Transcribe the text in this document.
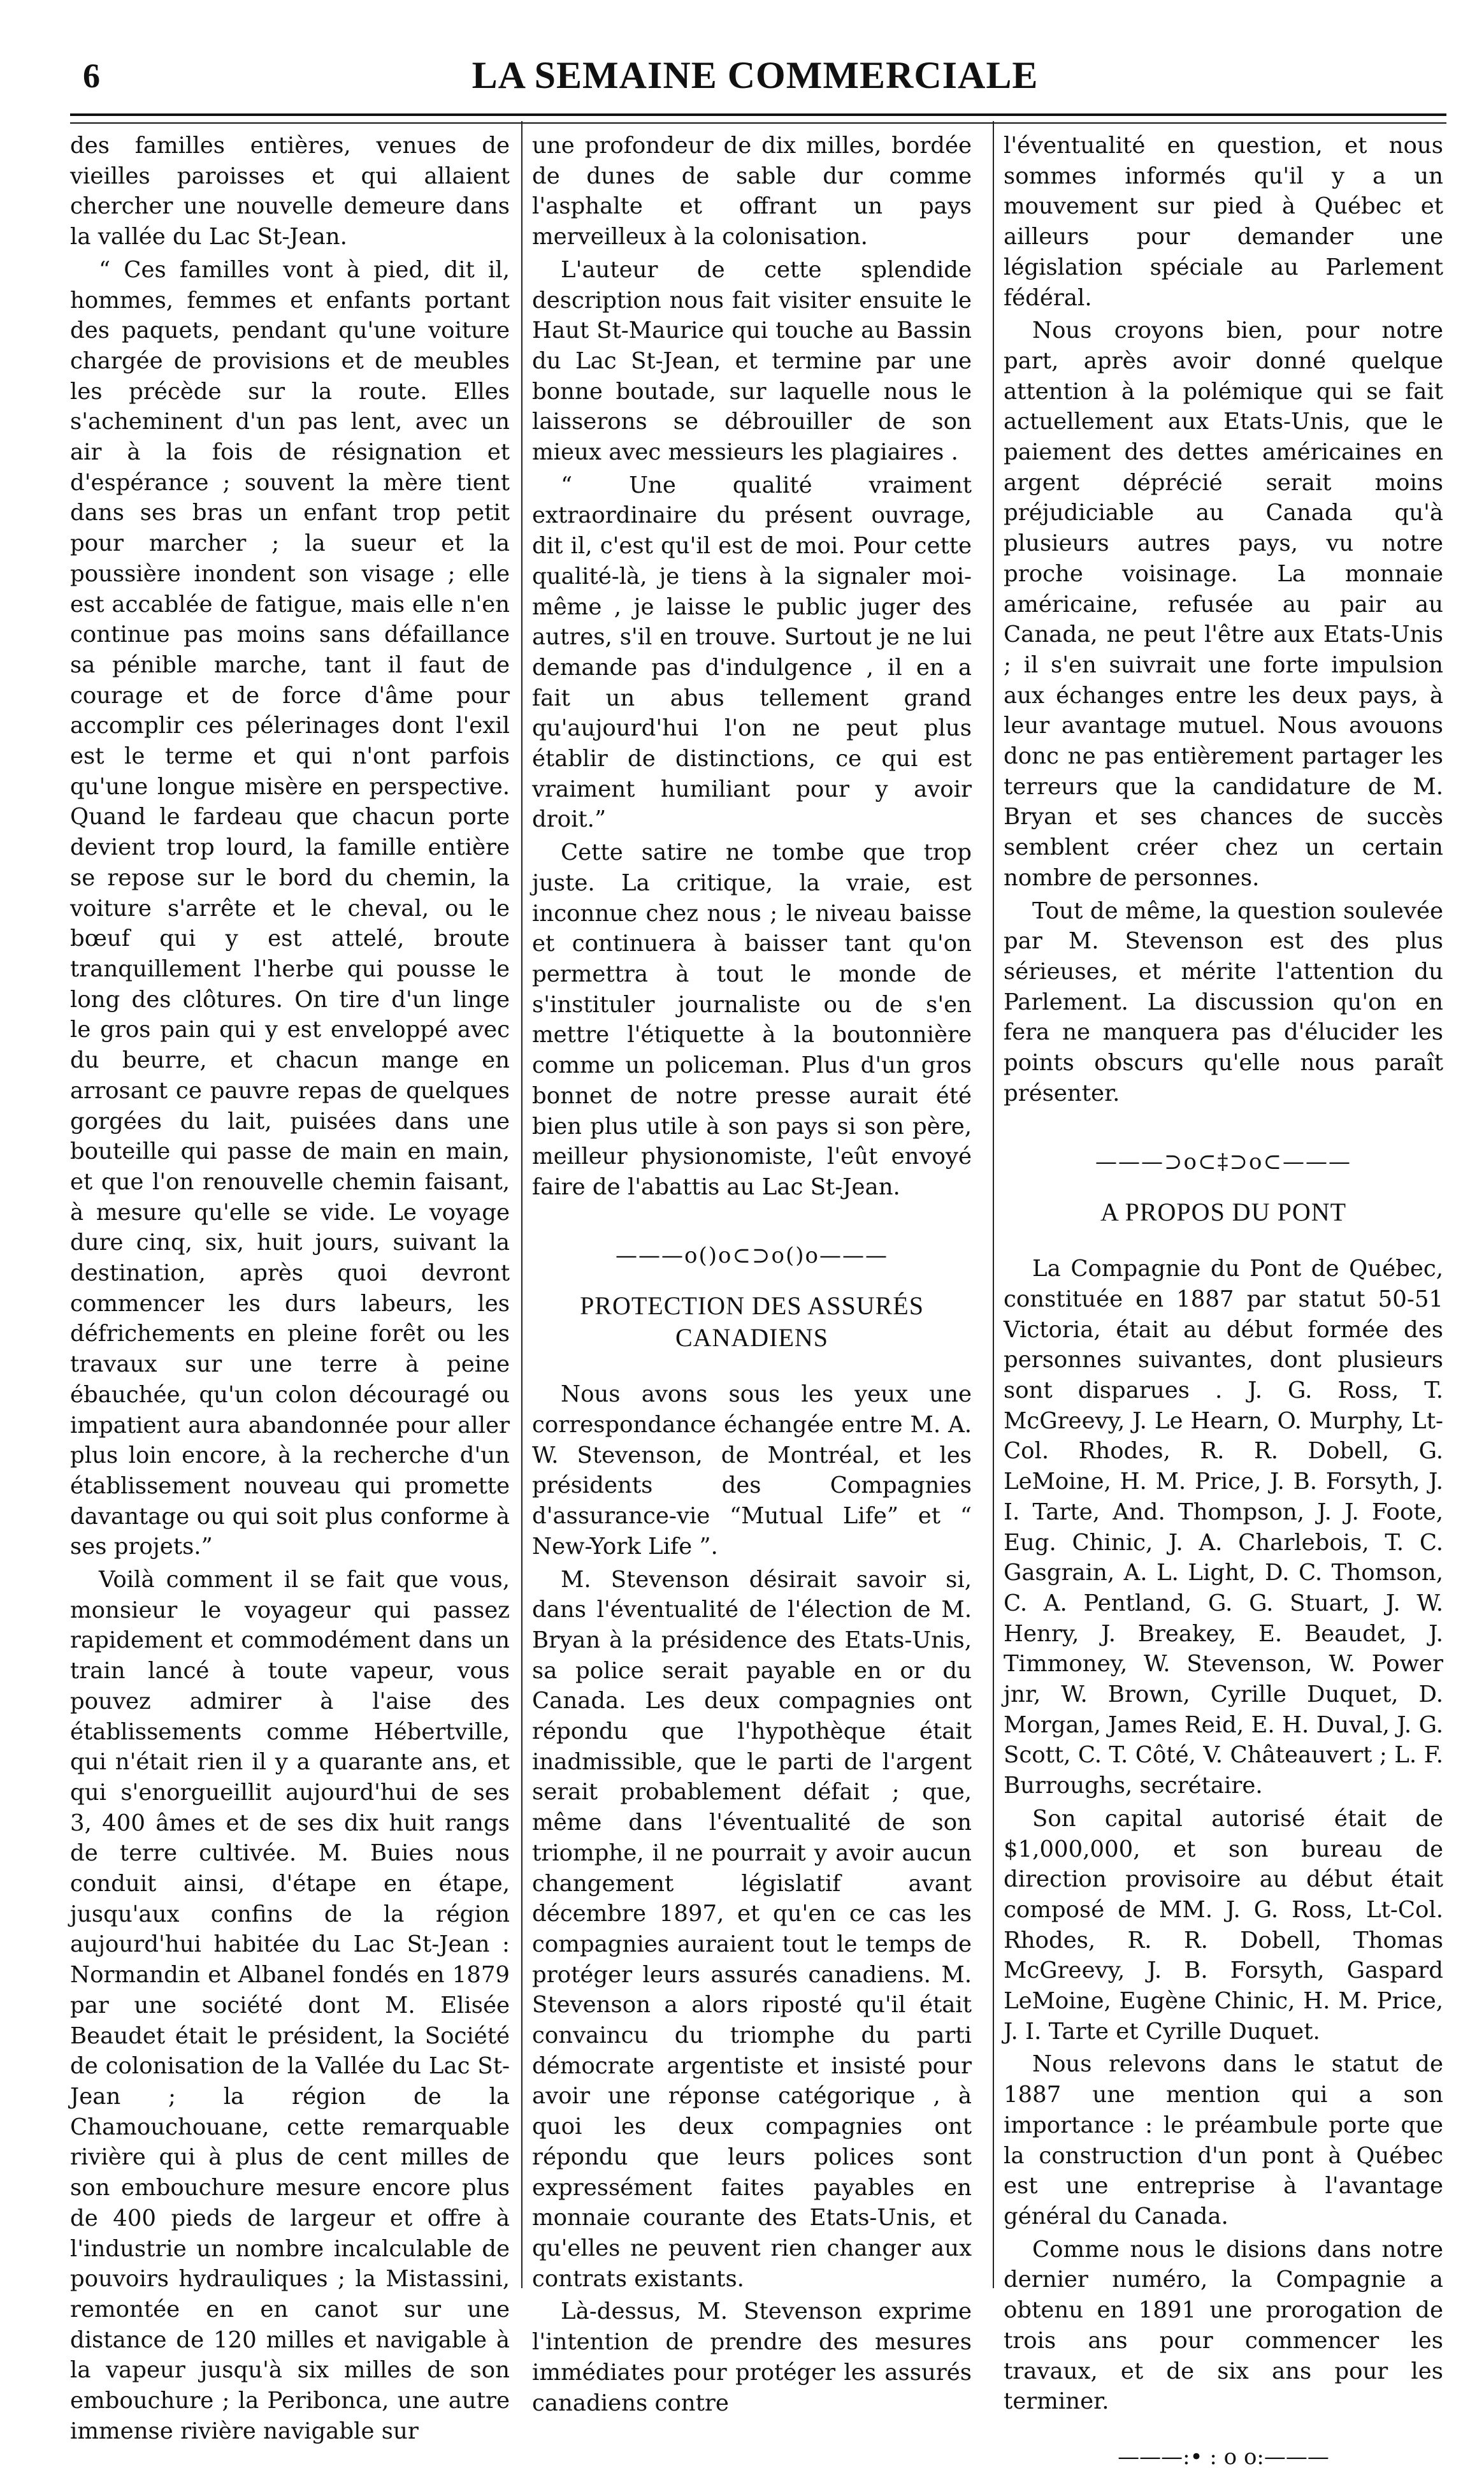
6	LA SEMAINE COMMERCIALE

des familles entières, venues de vieilles paroisses et qui allaient chercher une nouvelle demeure dans la vallée du Lac St-Jean.

“ Ces familles vont à pied, dit il, hommes, femmes et enfants portant des paquets, pendant qu'une voiture chargée de provisions et de meubles les précède sur la route. Elles s'acheminent d'un pas lent, avec un air à la fois de résignation et d'espérance ; souvent la mère tient dans ses bras un enfant trop petit pour marcher ; la sueur et la poussière inondent son visage ; elle est accablée de fatigue, mais elle n'en continue pas moins sans défaillance sa pénible marche, tant il faut de courage et de force d'âme pour accomplir ces pélerinages dont l'exil est le terme et qui n'ont parfois qu'une longue misère en perspective. Quand le fardeau que chacun porte devient trop lourd, la famille entière se repose sur le bord du chemin, la voiture s'arrête et le cheval, ou le bœuf qui y est attelé, broute tranquillement l'herbe qui pousse le long des clôtures. On tire d'un linge le gros pain qui y est enveloppé avec du beurre, et chacun mange en arrosant ce pauvre repas de quelques gorgées du lait, puisées dans une bouteille qui passe de main en main, et que l'on renouvelle chemin faisant, à mesure qu'elle se vide. Le voyage dure cinq, six, huit jours, suivant la destination, après quoi devront commencer les durs labeurs, les défrichements en pleine forêt ou les travaux sur une terre à peine ébauchée, qu'un colon découragé ou impatient aura abandonnée pour aller plus loin encore, à la recherche d'un établissement nouveau qui promette davantage ou qui soit plus conforme à ses projets.”

Voilà comment il se fait que vous, monsieur le voyageur qui passez rapidement et commodément dans un train lancé à toute vapeur, vous pouvez admirer à l'aise des établissements comme Hébertville, qui n'était rien il y a quarante ans, et qui s'enorgueillit aujourd'hui de ses 3, 400 âmes et de ses dix huit rangs de terre cultivée. M. Buies nous conduit ainsi, d'étape en étape, jusqu'aux confins de la région aujourd'hui habitée du Lac St-Jean : Normandin et Albanel fondés en 1879 par une société dont M. Elisée Beaudet était le président, la Société de colonisation de la Vallée du Lac St-Jean ; la région de la Chamouchouane, cette remarquable rivière qui à plus de cent milles de son embouchure mesure encore plus de 400 pieds de largeur et offre à l'industrie un nombre incalculable de pouvoirs hydrauliques ; la Mistassini, remontée en en canot sur une distance de 120 milles et navigable à la vapeur jusqu'à six milles de son embouchure ; la Periboncа, une autre immense rivière navigable sur

une profondeur de dix milles, bordée de dunes de sable dur comme l'asphalte et offrant un pays merveilleux à la colonisation.

L'auteur de cette splendide description nous fait visiter ensuite le Haut St-Maurice qui touche au Bassin du Lac St-Jean, et termine par une bonne boutade, sur laquelle nous le laisserons se débrouiller de son mieux avec messieurs les plagiaires .

“ Une qualité vraiment extraordinaire du présent ouvrage, dit il, c'est qu'il est de moi. Pour cette qualité-là, je tiens à la signaler moi-même , je laisse le public juger des autres, s'il en trouve. Surtout je ne lui demande pas d'indulgence , il en a fait un abus tellement grand qu'aujourd'hui l'on ne peut plus établir de distinctions, ce qui est vraiment humiliant pour y avoir droit.”

Cette satire ne tombe que trop juste. La critique, la vraie, est inconnue chez nous ; le niveau baisse et continuera à baisser tant qu'on permettra à tout le monde de s'instituler journaliste ou de s'en mettre l'étiquette à la boutonnière comme un policeman. Plus d'un gros bonnet de notre presse aurait été bien plus utile à son pays si son père, meilleur physionomiste, l'eût envoyé faire de l'abattis au Lac St-Jean.

———o()o⊂⊃o()o———
PROTECTION DES ASSURÉS CANADIENS

Nous avons sous les yeux une correspondance échangée entre M. A. W. Stevenson, de Montréal, et les présidents des Compagnies d'assurance-vie “Mutual Life” et “ New-York Life ”.

M. Stevenson désirait savoir si, dans l'éventualité de l'élection de M. Bryan à la présidence des Etats-Unis, sa police serait payable en or du Canada. Les deux compagnies ont répondu que l'hypothèque était inadmissible, que le parti de l'argent serait probablement défait ; que, même dans l'éventualité de son triomphe, il ne pourrait y avoir aucun changement législatif avant décembre 1897, et qu'en ce cas les compagnies auraient tout le temps de protéger leurs assurés canadiens. M. Stevenson a alors riposté qu'il était convaincu du triomphe du parti démocrate argentiste et insisté pour avoir une réponse catégorique , à quoi les deux compagnies ont répondu que leurs polices sont expressément faites payables en monnaie courante des Etats-Unis, et qu'elles ne peuvent rien changer aux contrats existants.

Là-dessus, M. Stevenson exprime l'intention de prendre des mesures immédiates pour protéger les assurés canadiens contre

l'éventualité en question, et nous sommes informés qu'il y a un mouvement sur pied à Québec et ailleurs pour demander une législation spéciale au Parlement fédéral.

Nous croyons bien, pour notre part, après avoir donné quelque attention à la polémique qui se fait actuellement aux Etats-Unis, que le paiement des dettes américaines en argent déprécié serait moins préjudiciable au Canada qu'à plusieurs autres pays, vu notre proche voisinage. La monnaie américaine, refusée au pair au Canada, ne peut l'être aux Etats-Unis ; il s'en suivrait une forte impulsion aux échanges entre les deux pays, à leur avantage mutuel. Nous avouons donc ne pas entièrement partager les terreurs que la candidature de M. Bryan et ses chances de succès semblent créer chez un certain nombre de personnes.

Tout de même, la question soulevée par M. Stevenson est des plus sérieuses, et mérite l'attention du Parlement. La discussion qu'on en fera ne manquera pas d'élucider les points obscurs qu'elle nous paraît présenter.

———⊃o⊂‡⊃o⊂———
A PROPOS DU PONT

La Compagnie du Pont de Québec, constituée en 1887 par statut 50-51 Victoria, était au début formée des personnes suivantes, dont plusieurs sont disparues . J. G. Ross, T. McGreevy, J. Le Hearn, O. Murphy, Lt-Col. Rhodes, R. R. Dobell, G. LeMoine, H. M. Price, J. B. Forsyth, J. I. Tarte, And. Thompson, J. J. Foote, Eug. Chinic, J. A. Charlebois, T. C. Gasgrain, A. L. Light, D. C. Thomson, C. A. Pentland, G. G. Stuart, J. W. Henry, J. Breakey, E. Beaudet, J. Timmoney, W. Stevenson, W. Power jnr, W. Brown, Cyrille Duquet, D. Morgan, James Reid, E. H. Duval, J. G. Scott, C. T. Côté, V. Châteauvert ; L. F. Burroughs, secrétaire.

Son capital autorisé était de $1,000,000, et son bureau de direction provisoire au début était composé de MM. J. G. Ross, Lt-Col. Rhodes, R. R. Dobell, Thomas McGreevy, J. B. Forsyth, Gaspard LeMoine, Eugène Chinic, H. M. Price, J. I. Tarte et Cyrille Duquet.

Nous relevons dans le statut de 1887 une mention qui a son importance : le préambule porte que la construction d'un pont à Québec est une entreprise à l'avantage général du Canada.

Comme nous le disions dans notre dernier numéro, la Compagnie a obtenu en 1891 une prorogation de trois ans pour commencer les travaux, et de six ans pour les terminer.

———:• : o o:———
